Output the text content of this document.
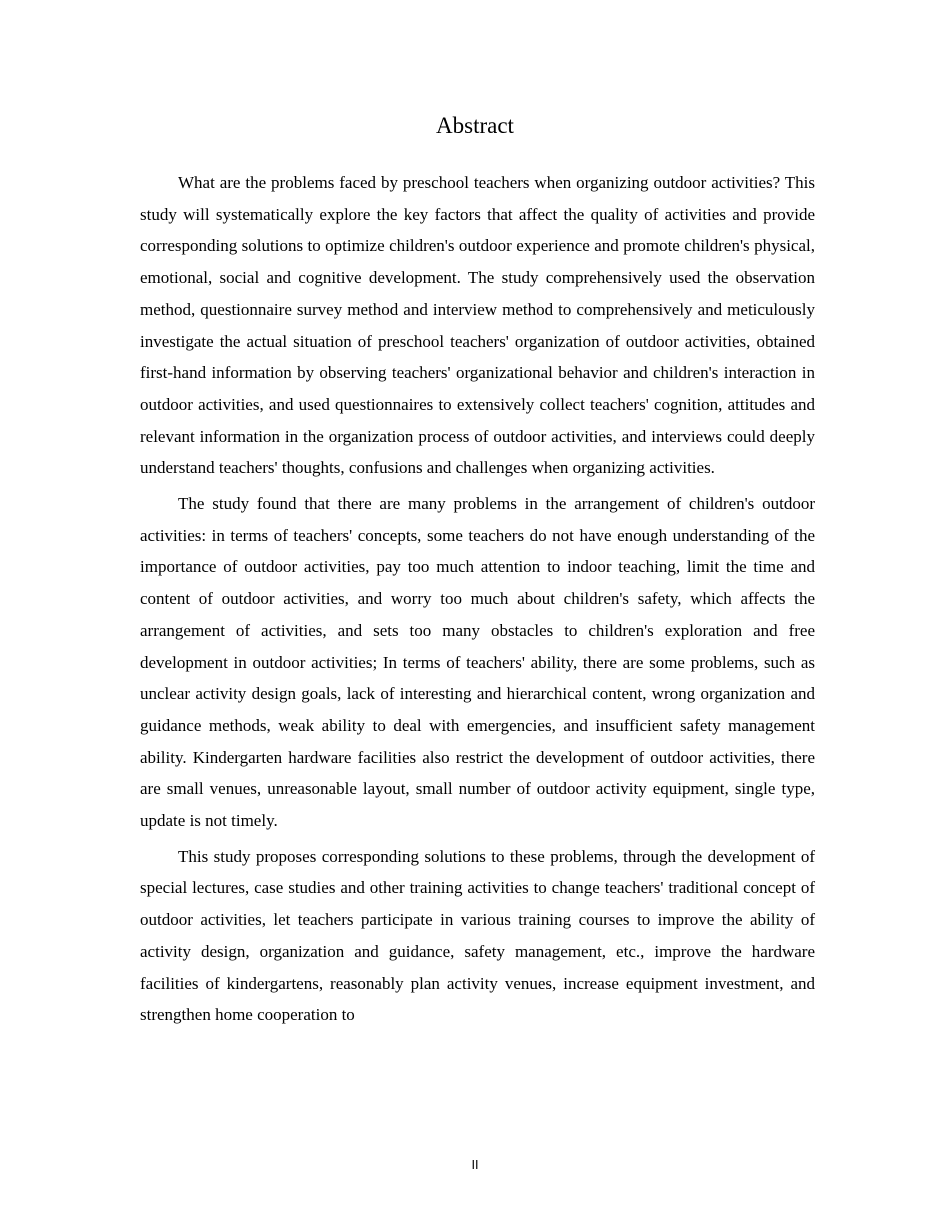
Abstract

What are the problems faced by preschool teachers when organizing outdoor activities? This study will systematically explore the key factors that affect the quality of activities and provide corresponding solutions to optimize children's outdoor experience and promote children's physical, emotional, social and cognitive development. The study comprehensively used the observation method, questionnaire survey method and interview method to comprehensively and meticulously investigate the actual situation of preschool teachers' organization of outdoor activities, obtained first-hand information by observing teachers' organizational behavior and children's interaction in outdoor activities, and used questionnaires to extensively collect teachers' cognition, attitudes and relevant information in the organization process of outdoor activities, and interviews could deeply understand teachers' thoughts, confusions and challenges when organizing activities.

The study found that there are many problems in the arrangement of children's outdoor activities: in terms of teachers' concepts, some teachers do not have enough understanding of the importance of outdoor activities, pay too much attention to indoor teaching, limit the time and content of outdoor activities, and worry too much about children's safety, which affects the arrangement of activities, and sets too many obstacles to children's exploration and free development in outdoor activities; In terms of teachers' ability, there are some problems, such as unclear activity design goals, lack of interesting and hierarchical content, wrong organization and guidance methods, weak ability to deal with emergencies, and insufficient safety management ability. Kindergarten hardware facilities also restrict the development of outdoor activities, there are small venues, unreasonable layout, small number of outdoor activity equipment, single type, update is not timely.

This study proposes corresponding solutions to these problems, through the development of special lectures, case studies and other training activities to change teachers' traditional concept of outdoor activities, let teachers participate in various training courses to improve the ability of activity design, organization and guidance, safety management, etc., improve the hardware facilities of kindergartens, reasonably plan activity venues, increase equipment investment, and strengthen home cooperation to

II
